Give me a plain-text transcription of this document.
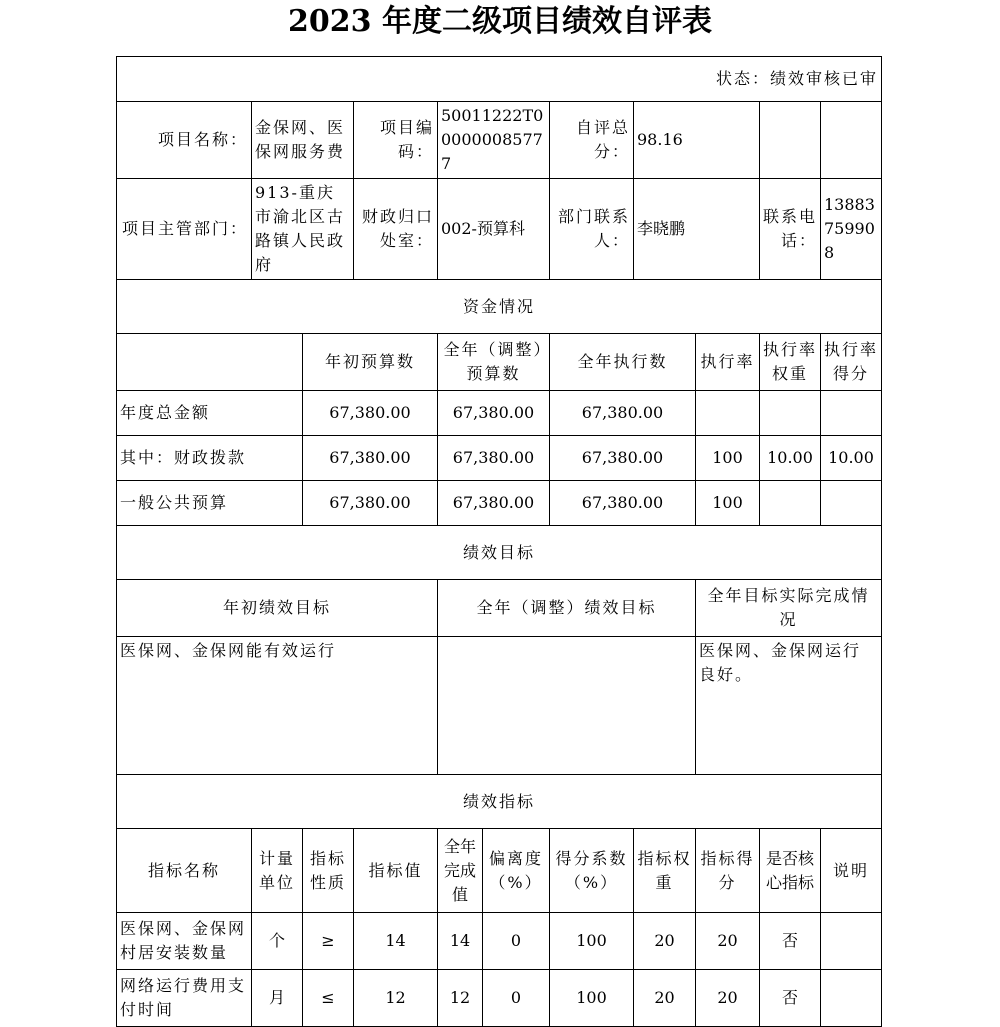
2023 年度二级项目绩效自评表
状态：绩效审核已审										
项目名称：	金保网、医保网服务费		项目编码：	50011222T000000085777		自评总分：	98.16			
项目主管部门：	913-重庆市渝北区古路镇人民政府		财政归口处室：	002-预算科		部门联系人：	李晓鹏		联系电话：	13883759908
资金情况										
		年初预算数		全年（调整）预算数		全年执行数		执行率	执行率权重	执行率得分
年度总金额		67,380.00		67,380.00		67,380.00				
其中：财政拨款		67,380.00		67,380.00		67,380.00		100	10.00	10.00
一般公共预算		67,380.00		67,380.00		67,380.00		100		
绩效目标										
年初绩效目标				全年（调整）绩效目标				全年目标实际完成情况		
医保网、金保网能有效运行								医保网、金保网运行良好。		
绩效指标										
指标名称	计量单位	指标性质	指标值	全年完成值	偏离度（%）	得分系数（%）	指标权重	指标得分	是否核心指标	说明
医保网、金保网村居安装数量	个	≥	14	14	0	100	20	20	否	
网络运行费用支付时间	月	≤	12	12	0	100	20	20	否	
